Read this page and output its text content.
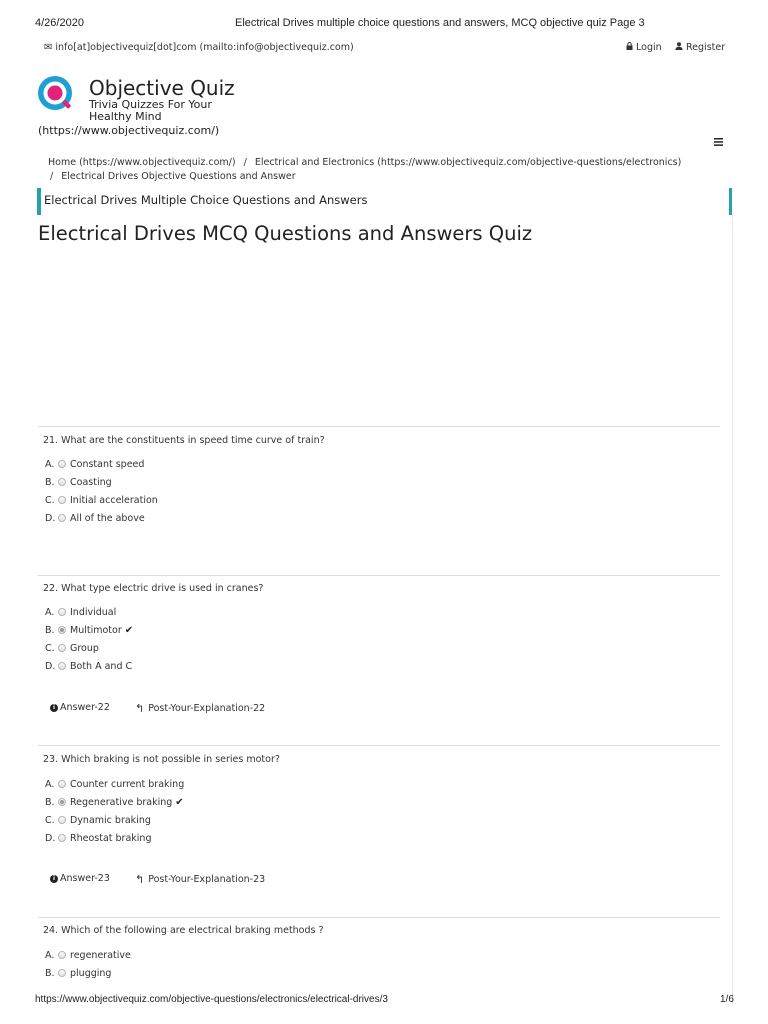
4/26/2020	Electrical Drives multiple choice questions and answers, MCQ objective quiz Page 3
✉ info[at]objectivequiz[dot]com (mailto:info@objectivequiz.com)	Login	Register
Objective Quiz
Trivia Quizzes For Your Healthy Mind
(https://www.objectivequiz.com/)
Home (https://www.objectivequiz.com/) / Electrical and Electronics (https://www.objectivequiz.com/objective-questions/electronics)
/ Electrical Drives Objective Questions and Answer
Electrical Drives Multiple Choice Questions and Answers
Electrical Drives MCQ Questions and Answers Quiz
21. What are the constituents in speed time curve of train?
A. Constant speed
B. Coasting
C. Initial acceleration
D. All of the above
22. What type electric drive is used in cranes?
A. Individual
B. Multimotor ✔
C. Group
D. Both A and C
i Answer-22 ↰ Post-Your-Explanation-22
23. Which braking is not possible in series motor?
A. Counter current braking
B. Regenerative braking ✔
C. Dynamic braking
D. Rheostat braking
i Answer-23 ↰ Post-Your-Explanation-23
24. Which of the following are electrical braking methods ?
A. regenerative
B. plugging
https://www.objectivequiz.com/objective-questions/electronics/electrical-drives/3	1/6
